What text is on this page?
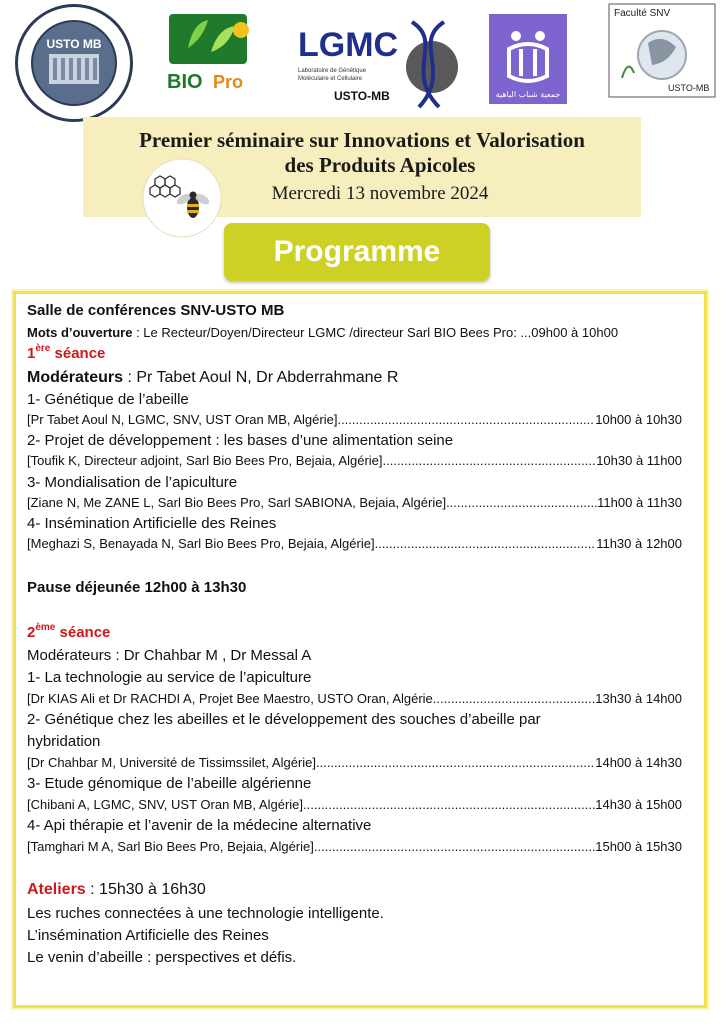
USTO MB
BIO Pro
LGMC
Laboratoire de Génétique
Moléculaire et Cellulaire
USTO-MB	جمعية شباب الباهية
Faculté SNV
USTO-MB
Premier séminaire sur Innovations et Valorisation
des Produits Apicoles
Mercredi 13 novembre 2024
Programme
Salle de conférences SNV-USTO MB
Mots d’ouverture : Le Recteur/Doyen/Directeur LGMC /directeur Sarl BIO Bees Pro: ... 09h00 à 10h00
1ère séance
Modérateurs : Pr Tabet Aoul N, Dr Abderrahmane R
1- Génétique de l’abeille
[Pr Tabet Aoul N, LGMC, SNV, UST Oran MB, Algérie] .....	10h00 à 10h30
2- Projet de développement : les bases d’une alimentation seine
[Toufik K, Directeur adjoint, Sarl Bio Bees Pro, Bejaia, Algérie] .....	10h30 à 11h00
3- Mondialisation de l’apiculture
[Ziane N, Me ZANE L, Sarl Bio Bees Pro, Sarl SABIONA, Bejaia, Algérie] .....	11h00 à 11h30
4- Insémination Artificielle des Reines
[Meghazi S, Benayada N, Sarl Bio Bees Pro, Bejaia, Algérie] .....	11h30 à 12h00
Pause déjeunée 12h00 à 13h30
2ème séance
Modérateurs : Dr Chahbar M , Dr Messal A
1- La technologie au service de l’apiculture
[Dr KIAS Ali et Dr RACHDI A, Projet Bee Maestro, USTO Oran, Algérie .....	13h30 à 14h00
2- Génétique chez les abeilles et le développement des souches d’abeille par
hybridation
[Dr Chahbar M, Université de Tissimssilet, Algérie] .....	14h00 à 14h30
3- Etude génomique de l’abeille algérienne
[Chibani A, LGMC, SNV, UST Oran MB, Algérie] .....	14h30 à 15h00
4- Api thérapie et l’avenir de la médecine alternative
[Tamghari M A, Sarl Bio Bees Pro, Bejaia, Algérie] .....	15h00 à 15h30
Ateliers : 15h30 à 16h30
Les ruches connectées à une technologie intelligente.
L’insémination Artificielle des Reines
Le venin d’abeille : perspectives et défis.
